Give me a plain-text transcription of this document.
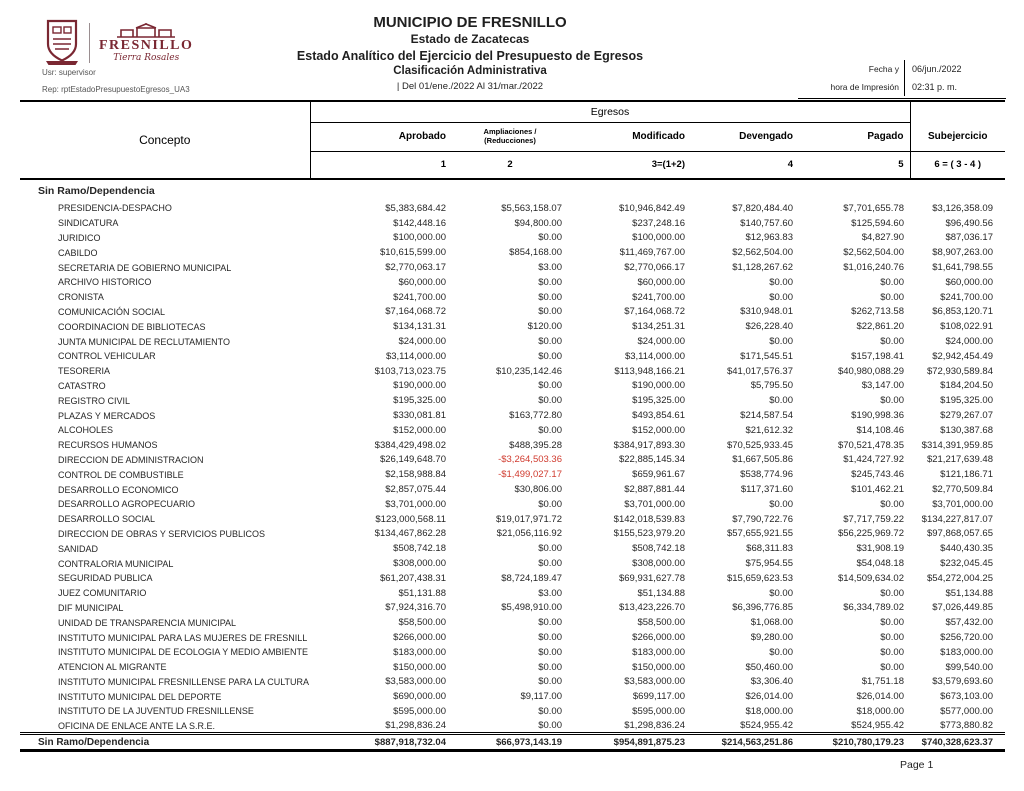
FRESNILLO
Tierra Rosales
Usr: supervisor
Rep: rptEstadoPresupuestoEgresos_UA3
MUNICIPIO DE FRESNILLO
Estado de Zacatecas
Estado Analítico del Ejercicio del Presupuesto de Egresos
Clasificación Administrativa
| Del 01/ene./2022 Al 31/mar./2022
Fecha y	06/jun./2022
hora de Impresión	02:31 p. m.
Concepto	Egresos					
	Aprobado	Ampliaciones /
(Reducciones)	Modificado	Devengado	Pagado	Subejercicio
	1	2	3=(1+2)	4	5	6 = ( 3 - 4 )
Sin Ramo/Dependencia						
PRESIDENCIA-DESPACHO	$5,383,684.42	$5,563,158.07	$10,946,842.49	$7,820,484.40	$7,701,655.78	$3,126,358.09
SINDICATURA	$142,448.16	$94,800.00	$237,248.16	$140,757.60	$125,594.60	$96,490.56
JURIDICO	$100,000.00	$0.00	$100,000.00	$12,963.83	$4,827.90	$87,036.17
CABILDO	$10,615,599.00	$854,168.00	$11,469,767.00	$2,562,504.00	$2,562,504.00	$8,907,263.00
SECRETARIA DE GOBIERNO MUNICIPAL	$2,770,063.17	$3.00	$2,770,066.17	$1,128,267.62	$1,016,240.76	$1,641,798.55
ARCHIVO HISTORICO	$60,000.00	$0.00	$60,000.00	$0.00	$0.00	$60,000.00
CRONISTA	$241,700.00	$0.00	$241,700.00	$0.00	$0.00	$241,700.00
COMUNICACIÓN SOCIAL	$7,164,068.72	$0.00	$7,164,068.72	$310,948.01	$262,713.58	$6,853,120.71
COORDINACION DE BIBLIOTECAS	$134,131.31	$120.00	$134,251.31	$26,228.40	$22,861.20	$108,022.91
JUNTA MUNICIPAL DE RECLUTAMIENTO	$24,000.00	$0.00	$24,000.00	$0.00	$0.00	$24,000.00
CONTROL VEHICULAR	$3,114,000.00	$0.00	$3,114,000.00	$171,545.51	$157,198.41	$2,942,454.49
TESORERIA	$103,713,023.75	$10,235,142.46	$113,948,166.21	$41,017,576.37	$40,980,088.29	$72,930,589.84
CATASTRO	$190,000.00	$0.00	$190,000.00	$5,795.50	$3,147.00	$184,204.50
REGISTRO CIVIL	$195,325.00	$0.00	$195,325.00	$0.00	$0.00	$195,325.00
PLAZAS Y MERCADOS	$330,081.81	$163,772.80	$493,854.61	$214,587.54	$190,998.36	$279,267.07
ALCOHOLES	$152,000.00	$0.00	$152,000.00	$21,612.32	$14,108.46	$130,387.68
RECURSOS HUMANOS	$384,429,498.02	$488,395.28	$384,917,893.30	$70,525,933.45	$70,521,478.35	$314,391,959.85
DIRECCION DE ADMINISTRACION	$26,149,648.70	-$3,264,503.36	$22,885,145.34	$1,667,505.86	$1,424,727.92	$21,217,639.48
CONTROL DE COMBUSTIBLE	$2,158,988.84	-$1,499,027.17	$659,961.67	$538,774.96	$245,743.46	$121,186.71
DESARROLLO ECONOMICO	$2,857,075.44	$30,806.00	$2,887,881.44	$117,371.60	$101,462.21	$2,770,509.84
DESARROLLO AGROPECUARIO	$3,701,000.00	$0.00	$3,701,000.00	$0.00	$0.00	$3,701,000.00
DESARROLLO SOCIAL	$123,000,568.11	$19,017,971.72	$142,018,539.83	$7,790,722.76	$7,717,759.22	$134,227,817.07
DIRECCION DE OBRAS Y SERVICIOS PUBLICOS	$134,467,862.28	$21,056,116.92	$155,523,979.20	$57,655,921.55	$56,225,969.72	$97,868,057.65
SANIDAD	$508,742.18	$0.00	$508,742.18	$68,311.83	$31,908.19	$440,430.35
CONTRALORIA MUNICIPAL	$308,000.00	$0.00	$308,000.00	$75,954.55	$54,048.18	$232,045.45
SEGURIDAD PUBLICA	$61,207,438.31	$8,724,189.47	$69,931,627.78	$15,659,623.53	$14,509,634.02	$54,272,004.25
JUEZ COMUNITARIO	$51,131.88	$3.00	$51,134.88	$0.00	$0.00	$51,134.88
DIF MUNICIPAL	$7,924,316.70	$5,498,910.00	$13,423,226.70	$6,396,776.85	$6,334,789.02	$7,026,449.85
UNIDAD DE TRANSPARENCIA MUNICIPAL	$58,500.00	$0.00	$58,500.00	$1,068.00	$0.00	$57,432.00
INSTITUTO MUNICIPAL PARA LAS MUJERES DE FRESNILL	$266,000.00	$0.00	$266,000.00	$9,280.00	$0.00	$256,720.00
INSTITUTO MUNICIPAL DE ECOLOGIA Y MEDIO AMBIENTE	$183,000.00	$0.00	$183,000.00	$0.00	$0.00	$183,000.00
ATENCION AL MIGRANTE	$150,000.00	$0.00	$150,000.00	$50,460.00	$0.00	$99,540.00
INSTITUTO MUNICIPAL FRESNILLENSE PARA LA CULTURA	$3,583,000.00	$0.00	$3,583,000.00	$3,306.40	$1,751.18	$3,579,693.60
INSTITUTO MUNICIPAL DEL DEPORTE	$690,000.00	$9,117.00	$699,117.00	$26,014.00	$26,014.00	$673,103.00
INSTITUTO DE LA JUVENTUD FRESNILLENSE	$595,000.00	$0.00	$595,000.00	$18,000.00	$18,000.00	$577,000.00
OFICINA DE ENLACE ANTE LA S.R.E.	$1,298,836.24	$0.00	$1,298,836.24	$524,955.42	$524,955.42	$773,880.82
Sin Ramo/Dependencia	$887,918,732.04	$66,973,143.19	$954,891,875.23	$214,563,251.86	$210,780,179.23	$740,328,623.37
Page 1
